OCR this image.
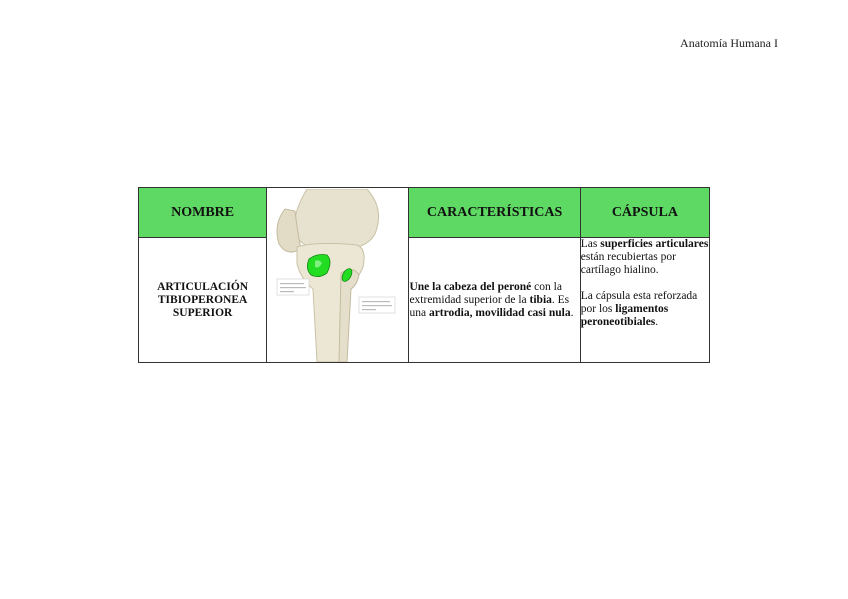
Anatomía Humana I
NOMBRE		CARACTERÍSTICAS	CÁPSULA
ARTICULACIÓN TIBIOPERONEA SUPERIOR		Une la cabeza del peroné con la extremidad superior de la tibia. Es una artrodia, movilidad casi nula.	Las superficies articulares están recubiertas por cartílago hialino.

La cápsula esta reforzada por los ligamentos peroneotibiales.
